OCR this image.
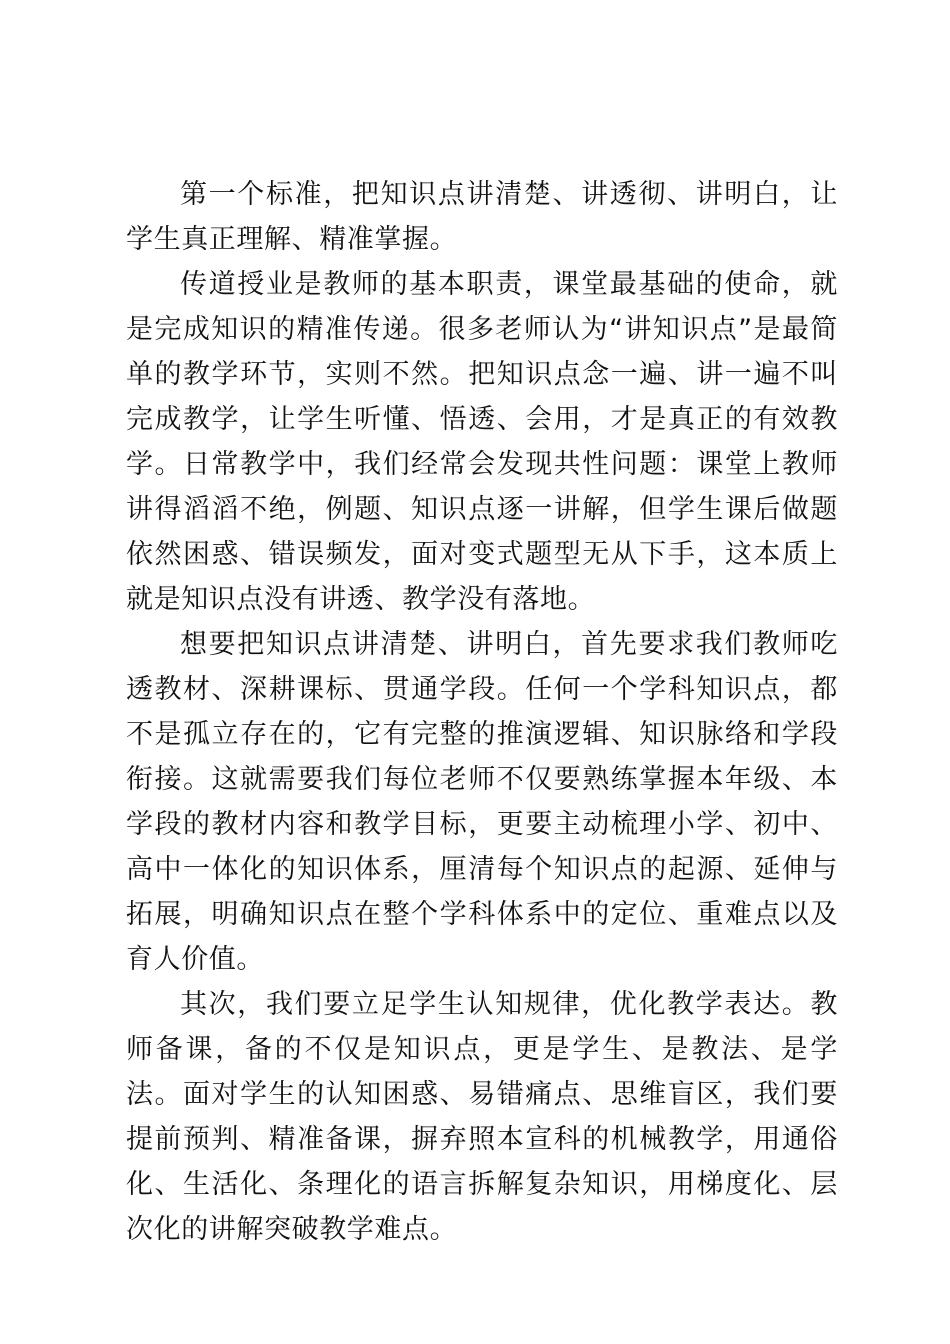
第一个标准，把知识点讲清楚、讲透彻、讲明白，让学生真正理解、精准掌握。

传道授业是教师的基本职责，课堂最基础的使命，就是完成知识的精准传递。很多老师认为“讲知识点”是最简单的教学环节，实则不然。把知识点念一遍、讲一遍不叫完成教学，让学生听懂、悟透、会用，才是真正的有效教学。日常教学中，我们经常会发现共性问题：课堂上教师讲得滔滔不绝，例题、知识点逐一讲解，但学生课后做题依然困惑、错误频发，面对变式题型无从下手，这本质上就是知识点没有讲透、教学没有落地。

想要把知识点讲清楚、讲明白，首先要求我们教师吃透教材、深耕课标、贯通学段。任何一个学科知识点，都不是孤立存在的，它有完整的推演逻辑、知识脉络和学段衔接。这就需要我们每位老师不仅要熟练掌握本年级、本学段的教材内容和教学目标，更要主动梳理小学、初中、高中一体化的知识体系，厘清每个知识点的起源、延伸与拓展，明确知识点在整个学科体系中的定位、重难点以及育人价值。

其次，我们要立足学生认知规律，优化教学表达。教师备课，备的不仅是知识点，更是学生、是教法、是学法。面对学生的认知困惑、易错痛点、思维盲区，我们要提前预判、精准备课，摒弃照本宣科的机械教学，用通俗化、生活化、条理化的语言拆解复杂知识，用梯度化、层次化的讲解突破教学难点。
